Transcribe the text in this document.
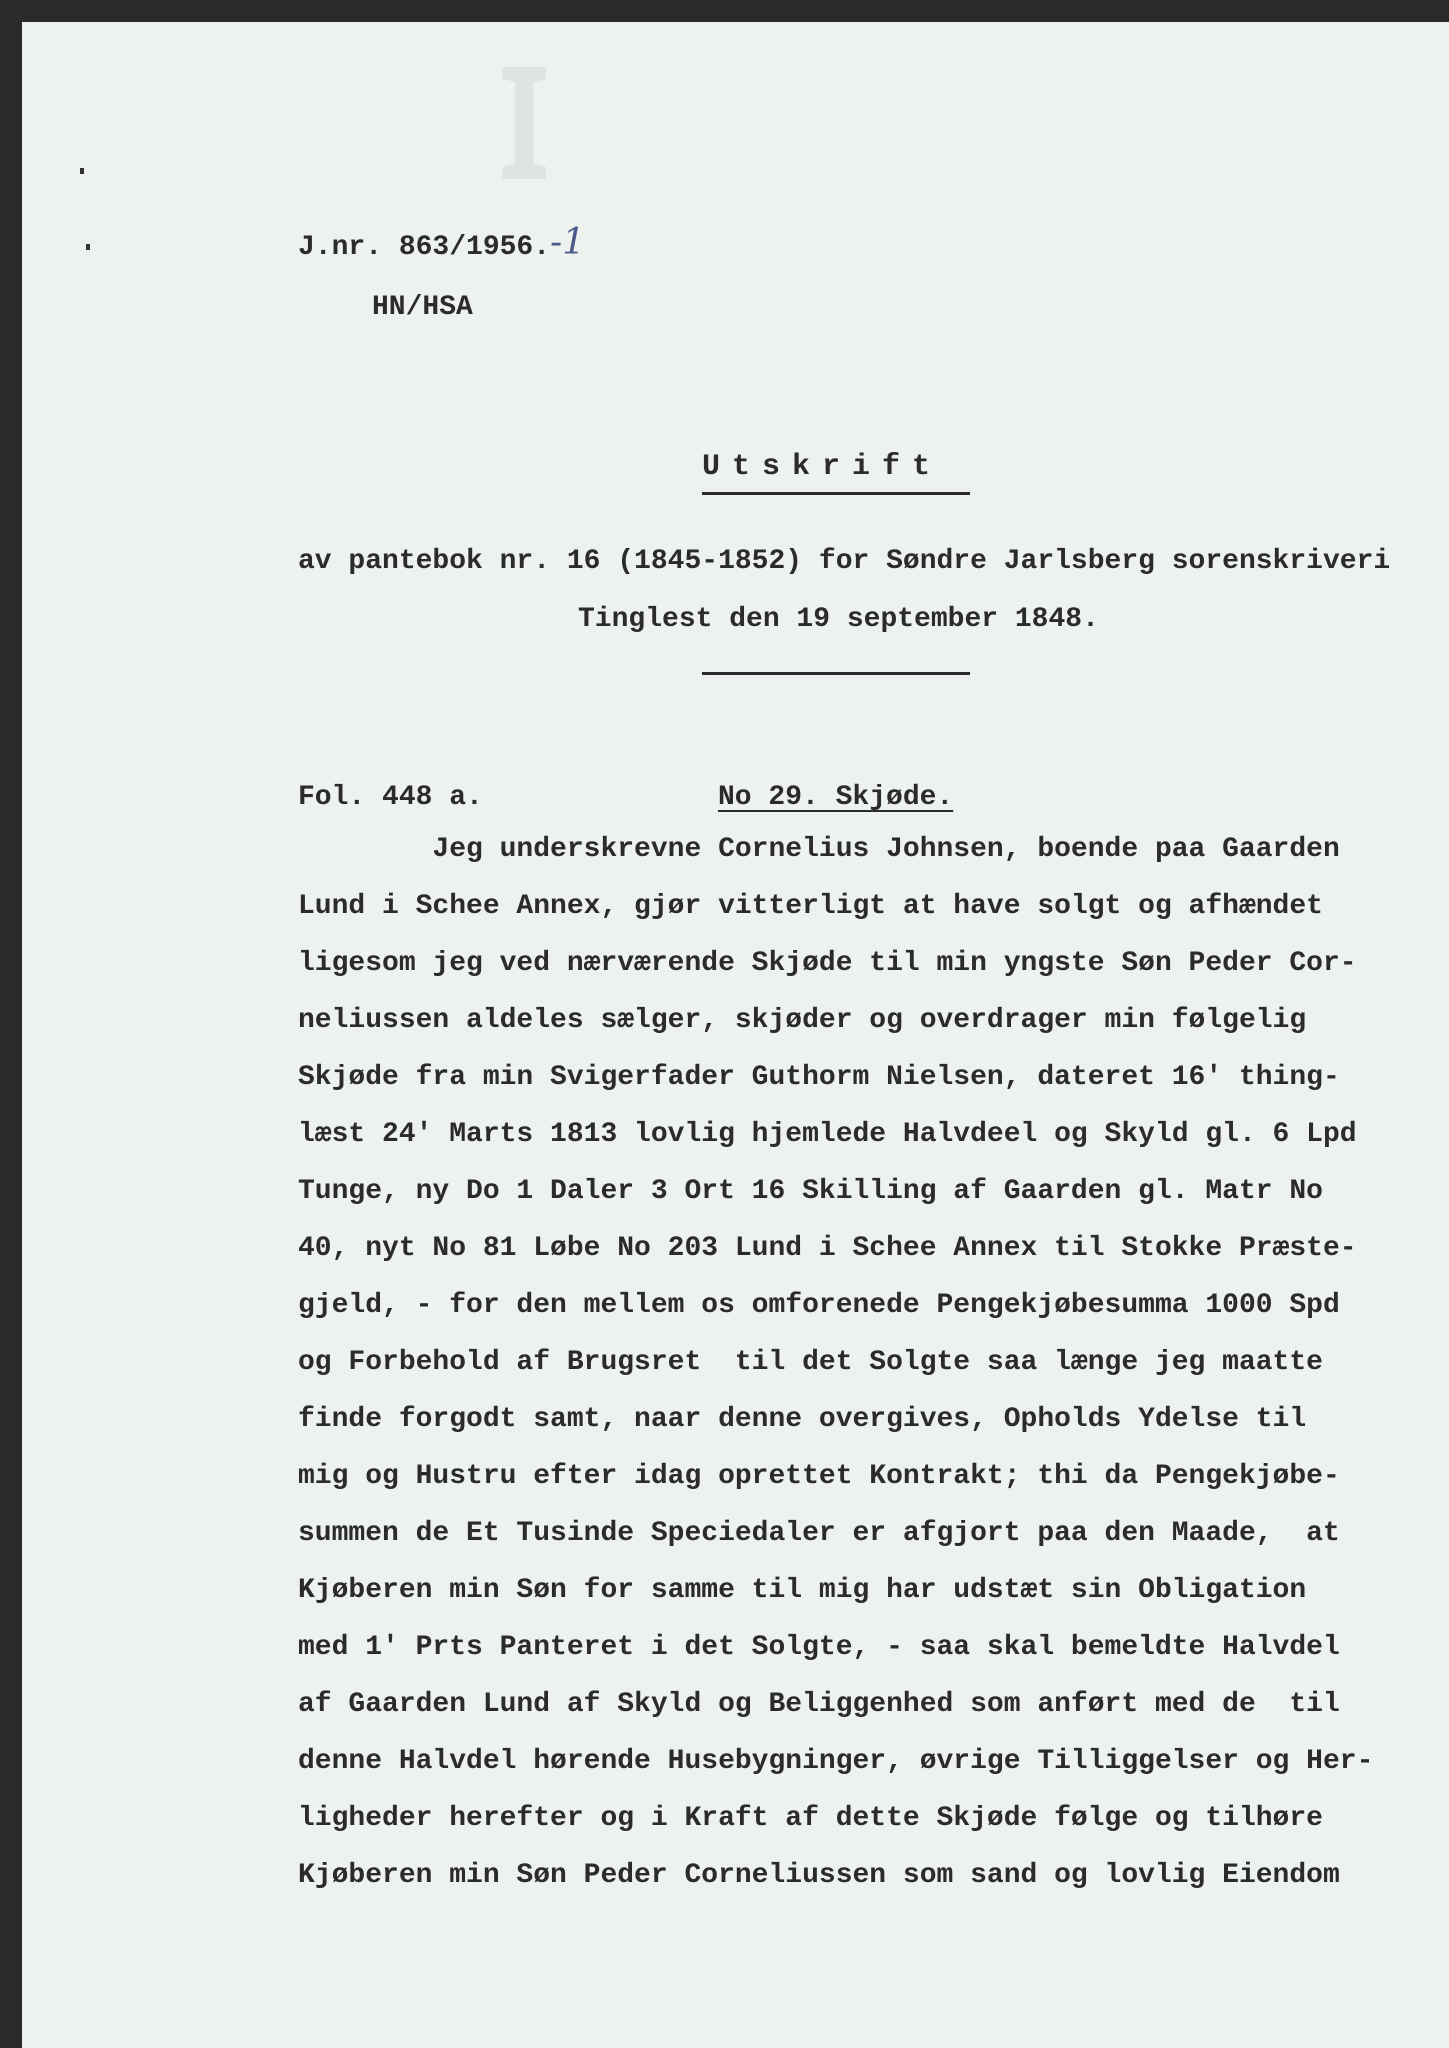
ꟷ
J.nr. 863/1956.-1
HN/HSA
Utskrift
av pantebok nr. 16 (1845-1852) for Søndre Jarlsberg sorenskriveri
Tinglest den 19 september 1848.
Fol. 448 a.	No 29. Skjøde.
Jeg underskrevne Cornelius Johnsen, boende paa Gaarden
Lund i Schee Annex, gjør vitterligt at have solgt og afhændet
ligesom jeg ved nærværende Skjøde til min yngste Søn Peder Cor-
neliussen aldeles sælger, skjøder og overdrager min følgelig
Skjøde fra min Svigerfader Guthorm Nielsen, dateret 16' thing-
læst 24' Marts 1813 lovlig hjemlede Halvdeel og Skyld gl. 6 Lpd
Tunge, ny Do 1 Daler 3 Ort 16 Skilling af Gaarden gl. Matr No
40, nyt No 81 Løbe No 203 Lund i Schee Annex til Stokke Præste-
gjeld, - for den mellem os omforenede Pengekjøbesumma 1000 Spd
og Forbehold af Brugsret  til det Solgte saa længe jeg maatte
finde forgodt samt, naar denne overgives, Opholds Ydelse til
mig og Hustru efter idag oprettet Kontrakt; thi da Pengekjøbe-
summen de Et Tusinde Speciedaler er afgjort paa den Maade,  at
Kjøberen min Søn for samme til mig har udstæt sin Obligation
med 1' Prts Panteret i det Solgte, - saa skal bemeldte Halvdel
af Gaarden Lund af Skyld og Beliggenhed som anført med de  til
denne Halvdel hørende Husebygninger, øvrige Tilliggelser og Her-
ligheder herefter og i Kraft af dette Skjøde følge og tilhøre
Kjøberen min Søn Peder Corneliussen som sand og lovlig Eiendom
